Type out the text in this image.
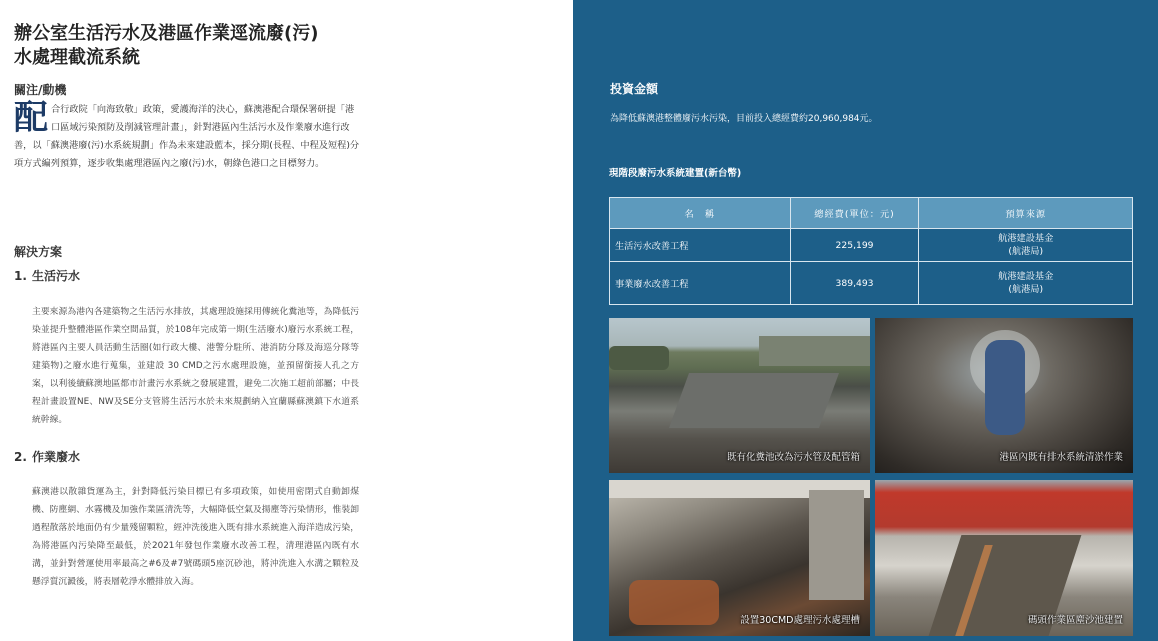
辦公室生活污水及港區作業逕流廢(污)水處理截流系統
關注/動機
配 合行政院「向海致敬」政策，愛護海洋的決心，蘇澳港配合環保署研提「港口區域污染預防及削減管理計畫」，針對港區內生活污水及作業廢水進行改善，以「蘇澳港廢(污)水系統規劃」作為未來建設藍本，採分期(長程、中程及短程)分項方式編列預算，逐步收集處理港區內之廢(污)水，朝綠色港口之目標努力。
解決方案
1. 生活污水

主要來源為港內各建築物之生活污水排放，其處理設施採用傳統化糞池等，為降低污染並提升整體港區作業空間品質，於108年完成第一期(生活廢水)廢污水系統工程，將港區內主要人員活動生活圈(如行政大樓、港警分駐所、港消防分隊及海巡分隊等建築物)之廢水進行蒐集，並建設 30 CMD之污水處理設施，並預留銜接人孔之方案，以利後續蘇澳地區都市計畫污水系統之發展建置，避免二次施工超前部屬；中長程計畫設置NE、NW及SE分支管將生活污水於未來規劃納入宜蘭縣蘇澳鎮下水道系統幹線。

2. 作業廢水

蘇澳港以散雜貨運為主，針對降低污染目標已有多項政策，如使用密閉式自動卸煤機、防塵網、水霧機及加強作業區清洗等，大幅降低空氣及揚塵等污染情形，惟裝卸過程散落於地面仍有少量殘留顆粒，經沖洗後進入既有排水系統進入海洋造成污染，為將港區內污染降至最低，於2021年發包作業廢水改善工程，清理港區內既有水溝，並針對營運使用率最高之#6及#7號碼頭5座沉砂池，將沖洗進入水溝之顆粒及懸浮質沉澱後，將表層乾淨水體排放入海。

投資金額
為降低蘇澳港整體廢污水污染，目前投入總經費約20,960,984元。
現階段廢污水系統建置(新台幣)
名　稱	總經費(單位：元)	預算來源
生活污水改善工程	225,199	航港建設基金
(航港局)
事業廢水改善工程	389,493	航港建設基金
(航港局)
既有化糞池改為污水管及配管箱	港區內既有排水系統清淤作業
設置30CMD處理污水處理槽	碼頭作業區塵沙池建置
